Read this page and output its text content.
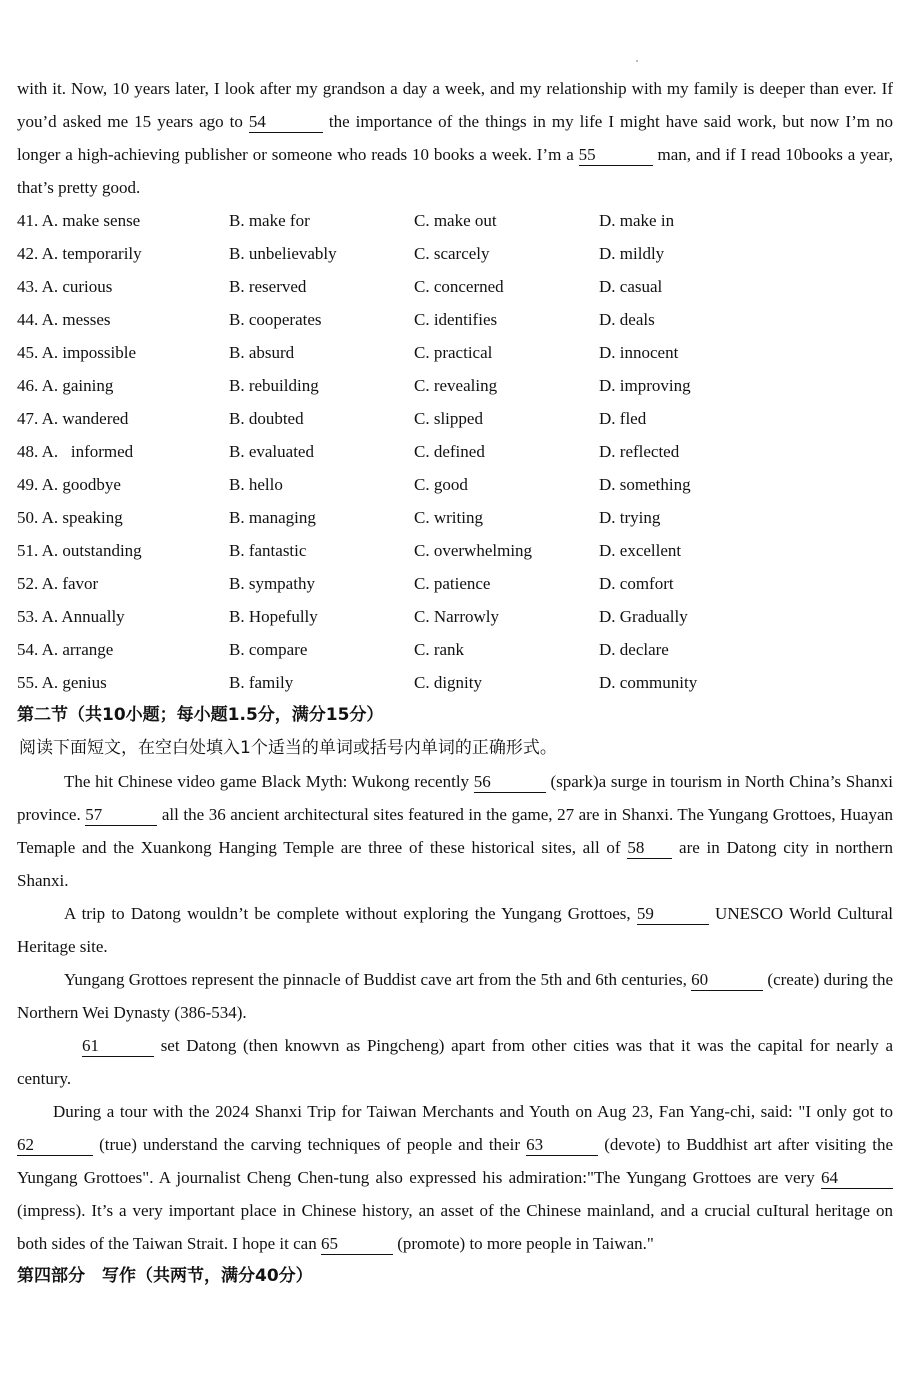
with it. Now, 10 years later, I look after my grandson a day a week, and my relationship with my family is deeper than ever. If you’d asked me 15 years ago to 54	the importance of the things in my life I might have said work, but now I’m no longer a high-achieving publisher or someone who reads 10 books a week. I’m a 55	man, and if I read 10books a year, that’s pretty good.

41. A. make sense	B. make for	C. make out	D. make in
42. A. temporarily	B. unbelievably	C. scarcely	D. mildly
43. A. curious	B. reserved	C. concerned	D. casual
44. A. messes	B. cooperates	C. identifies	D. deals
45. A. impossible	B. absurd	C. practical	D. innocent
46. A. gaining	B. rebuilding	C. revealing	D. improving
47. A. wandered	B. doubted	C. slipped	D. fled
48. A.   informed	B. evaluated	C. defined	D. reflected
49. A. goodbye	B. hello	C. good	D. something
50. A. speaking	B. managing	C. writing	D. trying
51. A. outstanding	B. fantastic	C. overwhelming	D. excellent
52. A. favor	B. sympathy	C. patience	D. comfort
53. A. Annually	B. Hopefully	C. Narrowly	D. Gradually
54. A. arrange	B. compare	C. rank	D. declare
55. A. genius	B. family	C. dignity	D. community

第二节（共10小题；每小题1.5分，满分15分）

阅读下面短文，在空白处填入1个适当的单词或括号内单词的正确形式。

The hit Chinese video game Black Myth: Wukong recently 56	(spark)a surge in tourism in North China’s Shanxi province. 57	all the 36 ancient architectural sites featured in the game, 27 are in Shanxi. The Yungang Grottoes, Huayan Temaple and the Xuankong Hanging Temple are three of these historical sites, all of 58 are in Datong city in northern Shanxi.

A trip to Datong wouldn’t be complete without exploring the Yungang Grottoes, 59	UNESCO World Cultural Heritage site.

Yungang Grottoes represent the pinnacle of Buddist cave art from the 5th and 6th centuries, 60	(create) during the Northern Wei Dynasty (386-534).

61	set Datong (then knowvn as Pingcheng) apart from other cities was that it was the capital for nearly a century.

During a tour with the 2024 Shanxi Trip for Taiwan Merchants and Youth on Aug 23, Fan Yang-chi, said: "I only got to 62	(true) understand the carving techniques of people and their 63	(devote) to Buddhist art after visiting the Yungang Grottoes". A journalist Cheng Chen-tung also expressed his admiration:"The Yungang Grottoes are very 64 (impress). It’s a very important place in Chinese history, an asset of the Chinese mainland, and a crucial cuItural heritage on both sides of the Taiwan Strait. I hope it can 65	(promote) to more people in Taiwan."

第四部分　写作（共两节，满分40分）
